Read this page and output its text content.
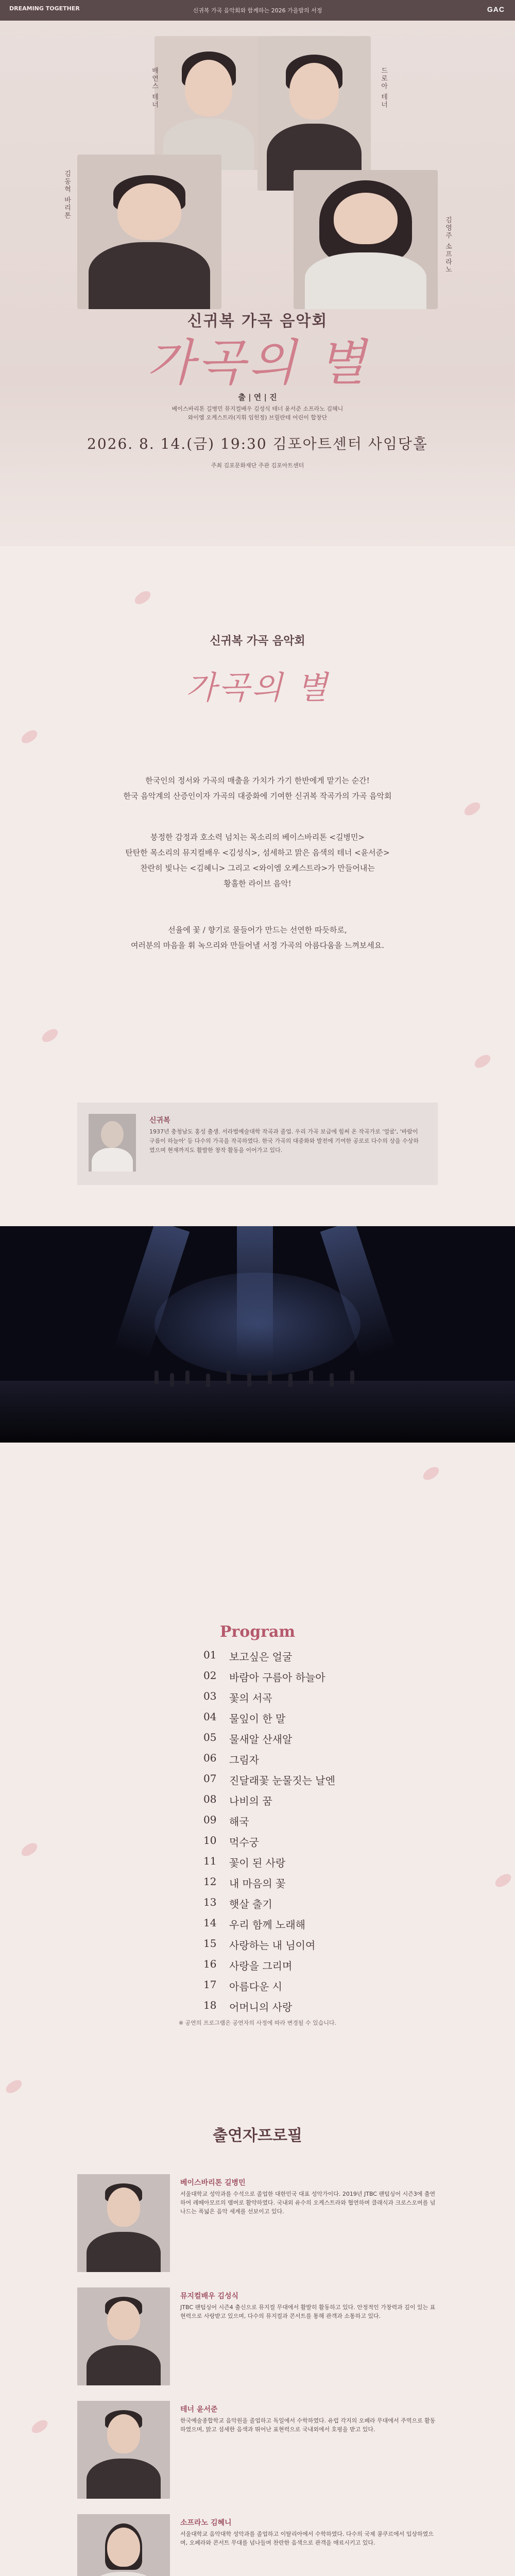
DREAMING TOGETHER	신귀복 가곡 음악회와 함께하는 2026 가을밤의 서정	GAC
배연스 테너	드로아 테너
김동혁 바리톤
김영주 소프라노
신귀복 가곡 음악회
가곡의 별
출 | 연 | 진
베이스바리톤 길병민 뮤지컬배우 김성식 테너 윤서준 소프라노 김혜니
와이엠 오케스트라(지휘 임헌정) 브릴란테 어린이 합창단
2026. 8. 14.(금) 19:30 김포아트센터 사임당홀
주최 김포문화재단 주관 김포아트센터
신귀복 가곡 음악회
가곡의 별
한국인의 정서와 가곡의 매출을 가치가 가기 한반에게 맡기는 순간!
한국 음악계의 산증인이자 가곡의 대중화에 기여한 신귀복 작곡가의 가곡 음악회
붕정한 감정과 호소력 넘치는 목소리의 베이스바리톤 <길병민>
탄탄한 목소리의 뮤지컬배우 <김성식>, 섬세하고 맑은 음색의 테너 <윤서준>
찬란히 빛나는 <김혜니> 그리고 <와이엠 오케스트라>가 만들어내는
황홀한 라이브 음악!
선율에 꽃 / 향기로 물들어가 만드는 선연한 따듯하로,
여러분의 마음을 휘 녹으리와 만들어낼 서정 가곡의 아름다움을 느껴보세요.
신귀복
1937년 충청남도 홍성 출생. 서라벌예술대학 작곡과 졸업. 우리 가곡 보급에 힘써 온 작곡가로 '얼굴', '바람이 구름이 하늘아' 등 다수의 가곡을 작곡하였다. 한국 가곡의 대중화와 발전에 기여한 공로로 다수의 상을 수상하였으며 현재까지도 활발한 창작 활동을 이어가고 있다.
Program
01 보고싶은 얼굴
02 바람아 구름아 하늘아
03 꽃의 서곡
04 물잎이 한 말
05 물새알 산새알
06 그림자
07 진달래꽃 눈물짓는 날엔
08 나비의 꿈
09 해국
10 먹수궁
11 꽃이 된 사랑
12 내 마음의 꽃
13 햇살 출기
14 우리 함께 노래해
15 사랑하는 내 님이여
16 사랑을 그리며
17 아름다운 시
18 어머니의 사랑
※ 공연의 프로그램은 공연자의 사정에 따라 변경될 수 있습니다.
출연자프로필
베이스바리톤 길병민
서울대학교 성악과를 수석으로 졸업한 대한민국 대표 성악가이다. 2019년 JTBC 팬텀싱어 시즌3에 출연하여 레떼아모르의 멤버로 활약하였다. 국내외 유수의 오케스트라와 협연하며 클래식과 크로스오버를 넘나드는 폭넓은 음악 세계를 선보이고 있다.
뮤지컬배우 김성식
JTBC 팬텀싱어 시즌4 출신으로 뮤지컬 무대에서 활발히 활동하고 있다. 안정적인 가창력과 깊이 있는 표현력으로 사랑받고 있으며, 다수의 뮤지컬과 콘서트를 통해 관객과 소통하고 있다.
테너 윤서준
한국예술종합학교 음악원을 졸업하고 독일에서 수학하였다. 유럽 각지의 오페라 무대에서 주역으로 활동하였으며, 맑고 섬세한 음색과 뛰어난 표현력으로 국내외에서 호평을 받고 있다.
소프라노 김혜니
서울대학교 음악대학 성악과를 졸업하고 이탈리아에서 수학하였다. 다수의 국제 콩쿠르에서 입상하였으며, 오페라와 콘서트 무대를 넘나들며 찬란한 음색으로 관객을 매료시키고 있다.
